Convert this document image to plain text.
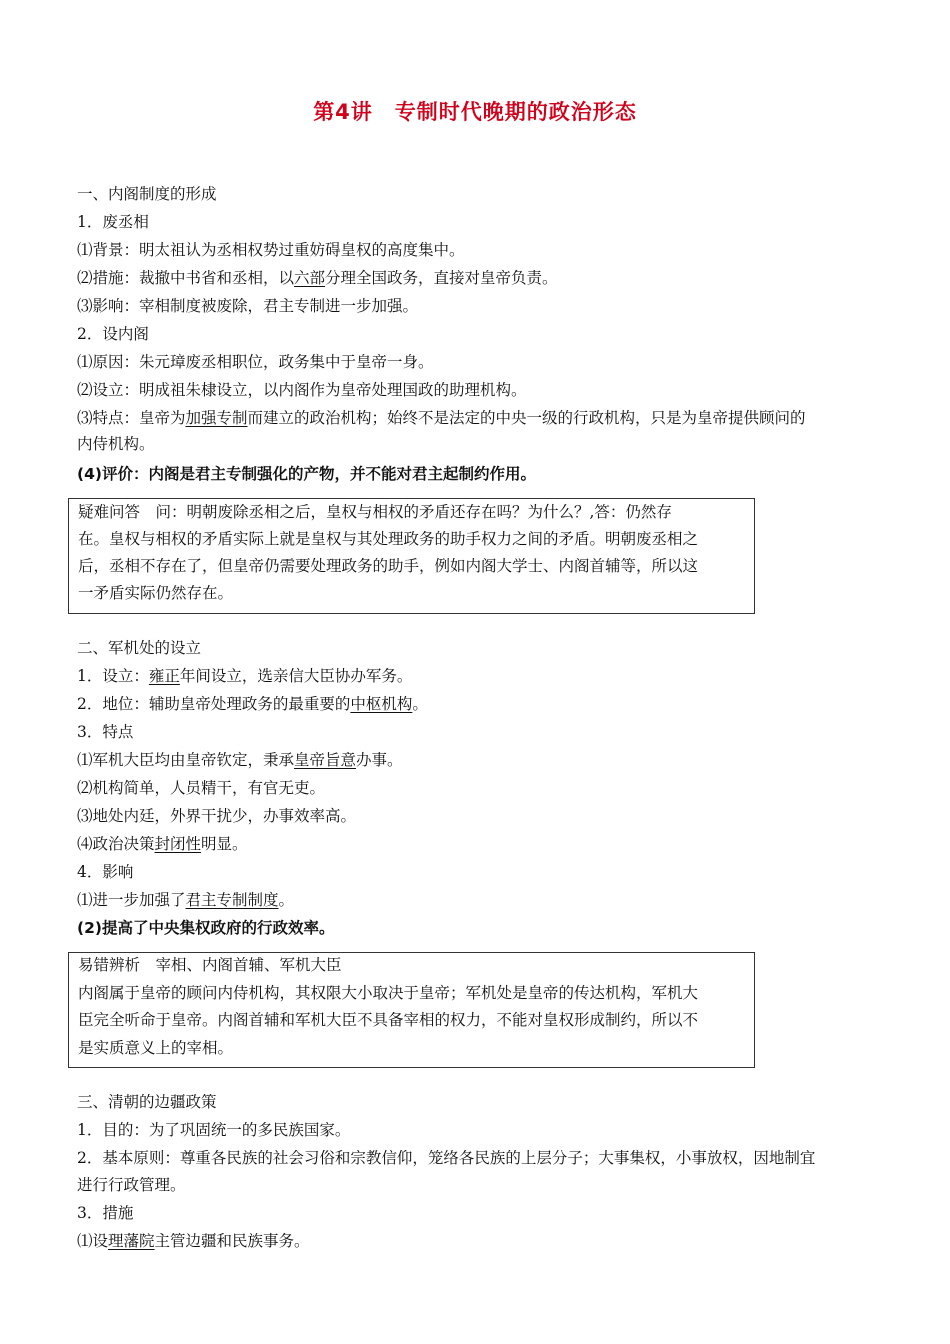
第4讲　专制时代晚期的政治形态
一、内阁制度的形成
1．废丞相
⑴背景：明太祖认为丞相权势过重妨碍皇权的高度集中。
⑵措施：裁撤中书省和丞相，以六部分理全国政务，直接对皇帝负责。
⑶影响：宰相制度被废除，君主专制进一步加强。
2．设内阁
⑴原因：朱元璋废丞相职位，政务集中于皇帝一身。
⑵设立：明成祖朱棣设立，以内阁作为皇帝处理国政的助理机构。
⑶特点：皇帝为加强专制而建立的政治机构；始终不是法定的中央一级的行政机构，只是为皇帝提供顾问的
内侍机构。
(4)评价：内阁是君主专制强化的产物，并不能对君主起制约作用。
疑难问答　问：明朝废除丞相之后，皇权与相权的矛盾还存在吗？为什么？,答：仍然存
在。皇权与相权的矛盾实际上就是皇权与其处理政务的助手权力之间的矛盾。明朝废丞相之
后，丞相不存在了，但皇帝仍需要处理政务的助手，例如内阁大学士、内阁首辅等，所以这
一矛盾实际仍然存在。
二、军机处的设立
1．设立：雍正年间设立，选亲信大臣协办军务。
2．地位：辅助皇帝处理政务的最重要的中枢机构。
3．特点
⑴军机大臣均由皇帝钦定，秉承皇帝旨意办事。
⑵机构简单，人员精干，有官无吏。
⑶地处内廷，外界干扰少，办事效率高。
⑷政治决策封闭性明显。
4．影响
⑴进一步加强了君主专制制度。
(2)提高了中央集权政府的行政效率。
易错辨析　宰相、内阁首辅、军机大臣
内阁属于皇帝的顾问内侍机构，其权限大小取决于皇帝；军机处是皇帝的传达机构，军机大
臣完全听命于皇帝。内阁首辅和军机大臣不具备宰相的权力，不能对皇权形成制约，所以不
是实质意义上的宰相。
三、清朝的边疆政策
1．目的：为了巩固统一的多民族国家。
2．基本原则：尊重各民族的社会习俗和宗教信仰，笼络各民族的上层分子；大事集权，小事放权，因地制宜
进行行政管理。
3．措施
⑴设理藩院主管边疆和民族事务。
